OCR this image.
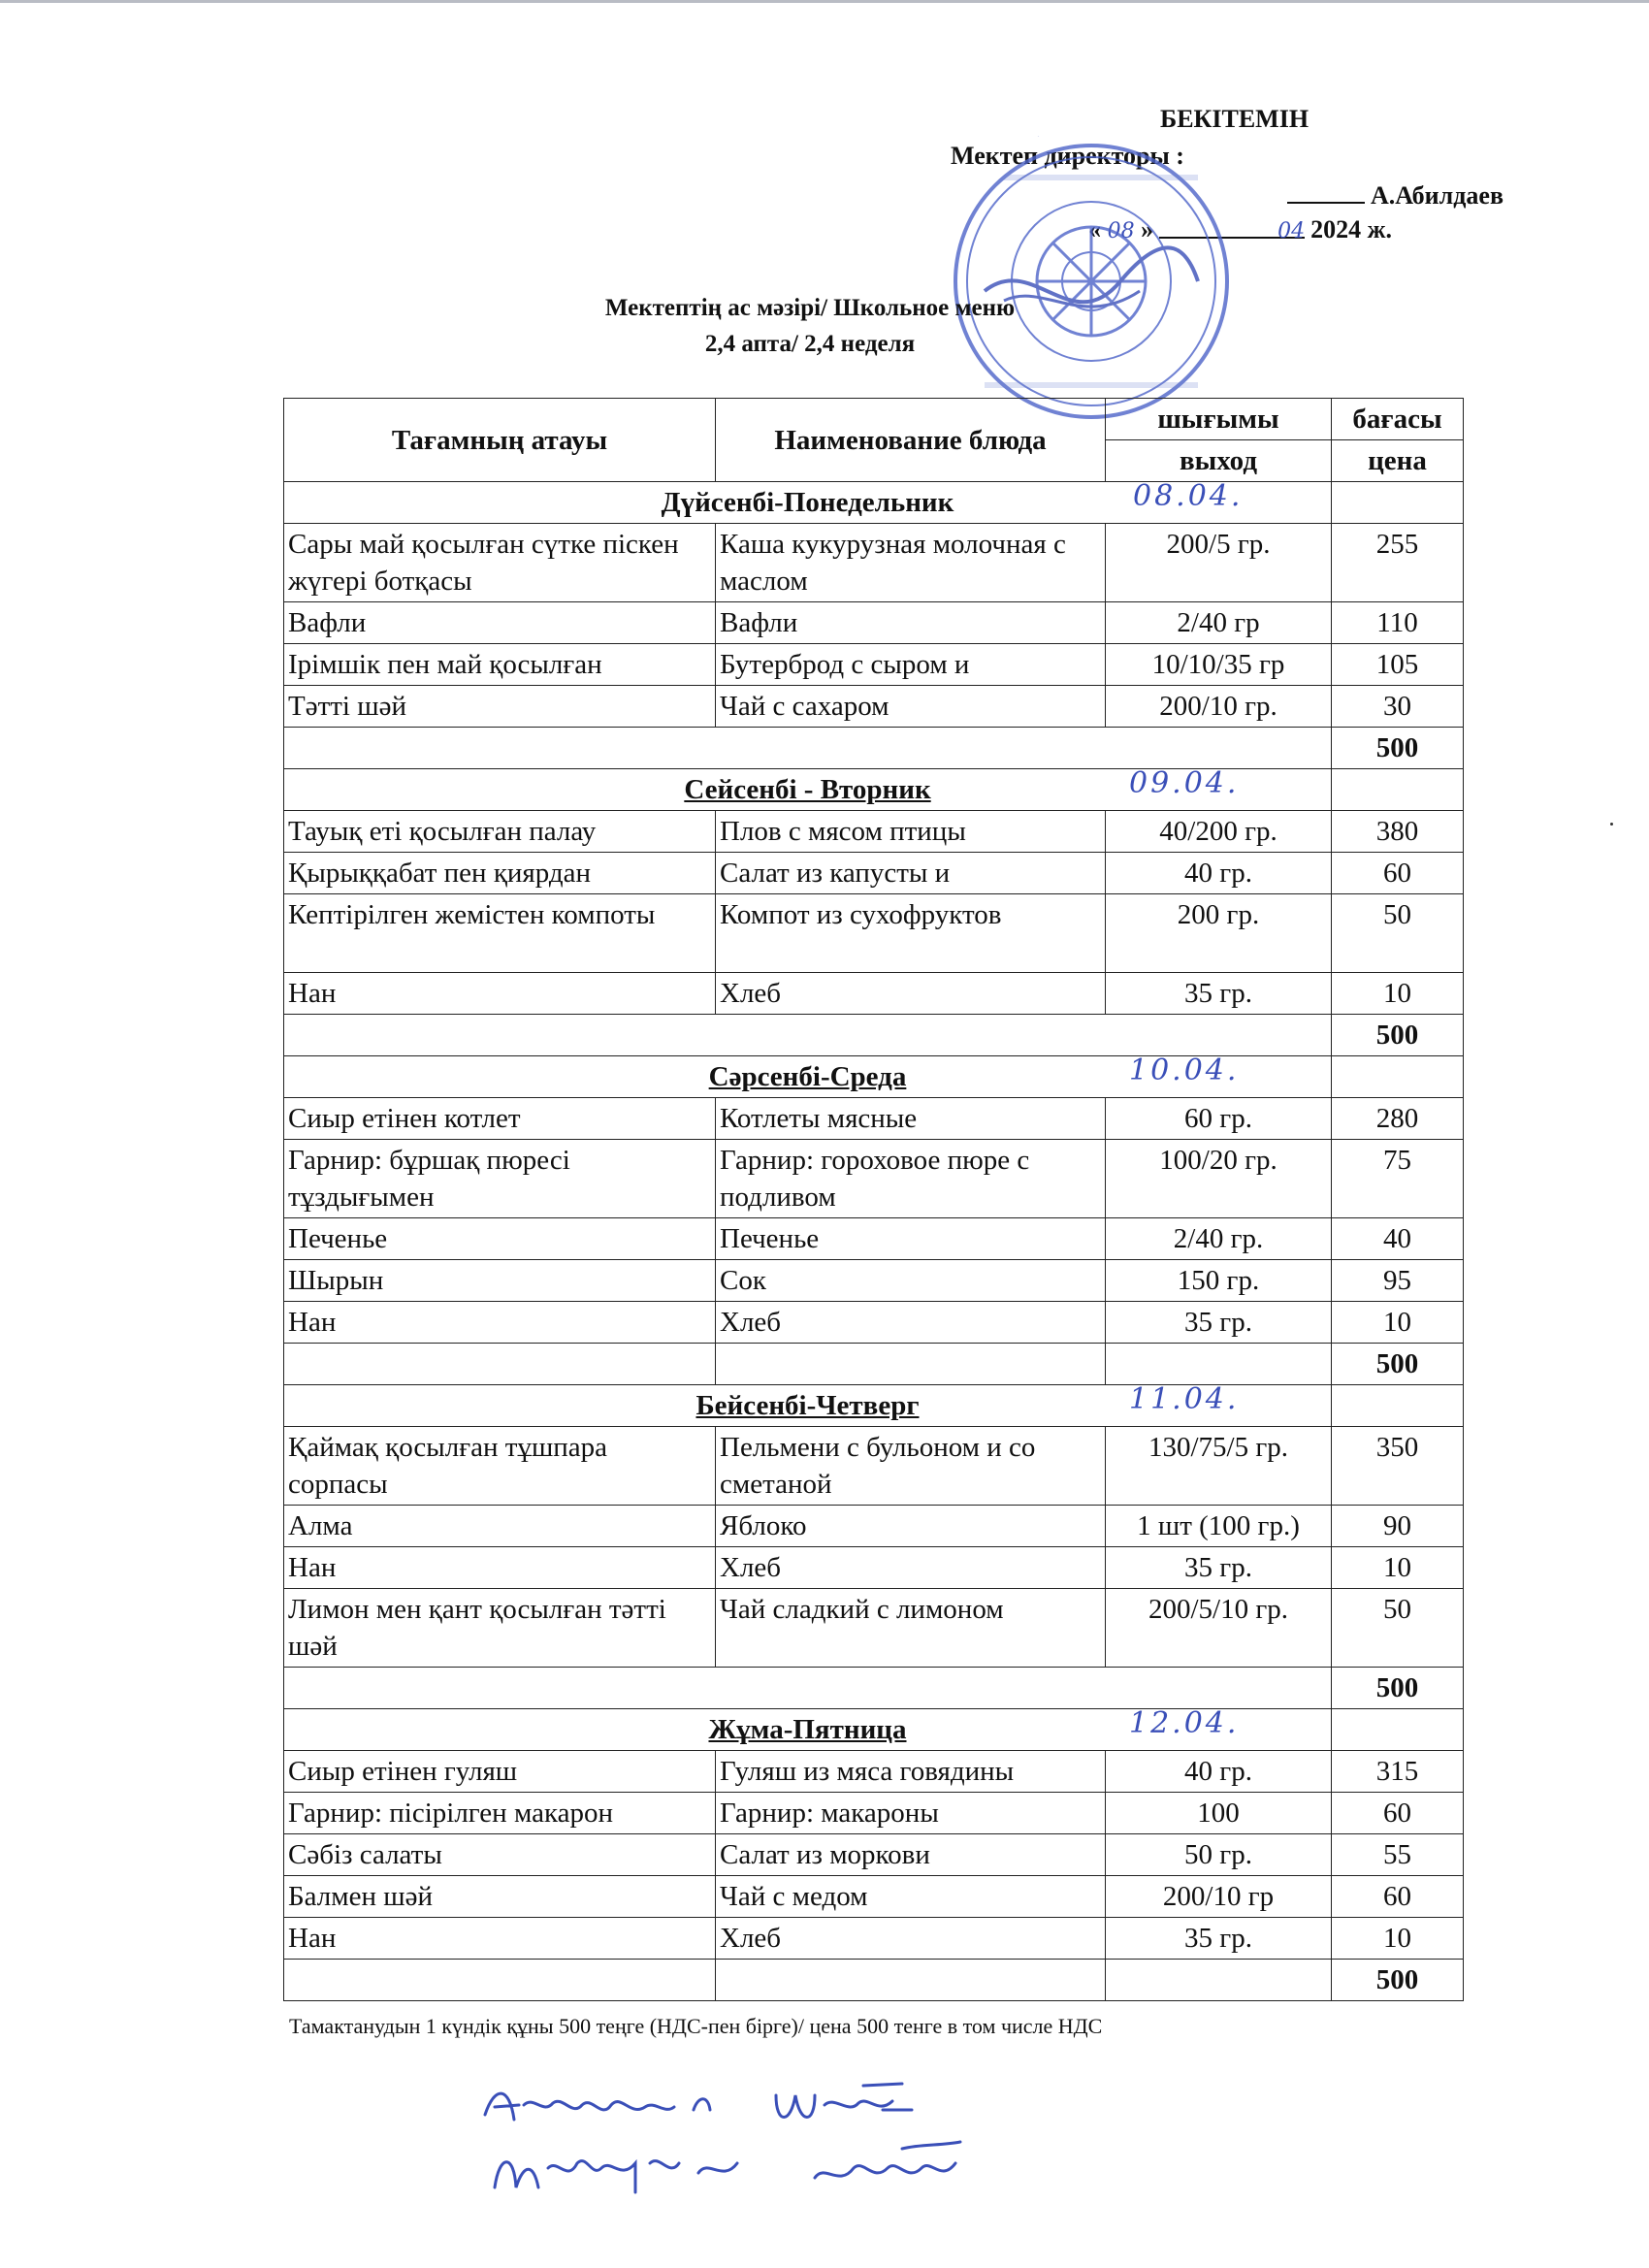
БЕКІТЕМІН
Мектеп директоры :
А.Абилдаев
« 08 »	04 2024 ж.
Мектептің ас мәзірі/ Школьное меню
2,4 апта/ 2,4 неделя
Тағамның атауы	Наименование блюда	шығымы	бағасы
		выход	цена
Дүйсенбі-Понедельник 08.04.			

Сары май қосылған сүтке піскен жүгері ботқасы	Каша кукурузная молочная с маслом	200/5 гр.	255
Вафли	Вафли	2/40 гр	110
Ірімшік пен май қосылған	Бутерброд с сыром и	10/10/35 гр	105
Тәтті шәй	Чай с сахаром	200/10 гр.	30
			500
Сейсенбі - Вторник 09.04.			

Тауық еті қосылған палау	Плов с мясом птицы	40/200 гр.	380
Қырыққабат пен қиярдан	Салат из капусты и	40 гр.	60
Кептірілген жемістен компоты	Компот из сухофруктов	200 гр.	50
Нан	Хлеб	35 гр.	10
			500
Сәрсенбі-Среда 10.04.			

Сиыр етінен котлет	Котлеты мясные	60 гр.	280
Гарнир: бұршақ пюресі тұздығымен	Гарнир: гороховое пюре с подливом	100/20 гр.	75
Печенье	Печенье	2/40 гр.	40
Шырын	Сок	150 гр.	95
Нан	Хлеб	35 гр.	10
			500
Бейсенбі-Четверг 11.04.			

Қаймақ қосылған тұшпара сорпасы	Пельмени с бульоном и со сметаной	130/75/5 гр.	350
Алма	Яблоко	1 шт (100 гр.)	90
Нан	Хлеб	35 гр.	10
Лимон мен қант қосылған тәтті шәй	Чай сладкий с лимоном	200/5/10 гр.	50
			500
Жұма-Пятница 12.04.			

Сиыр етінен гуляш	Гуляш из мяса говядины	40 гр.	315
Гарнир: пісірілген макарон	Гарнир: макароны	100	60
Сәбіз салаты	Салат из моркови	50 гр.	55
Балмен шәй	Чай с медом	200/10 гр	60
Нан	Хлеб	35 гр.	10
			500
Тамактанудын 1 күндік құны 500 теңге (НДС-пен бірге)/ цена 500 тенге в том числе НДС
